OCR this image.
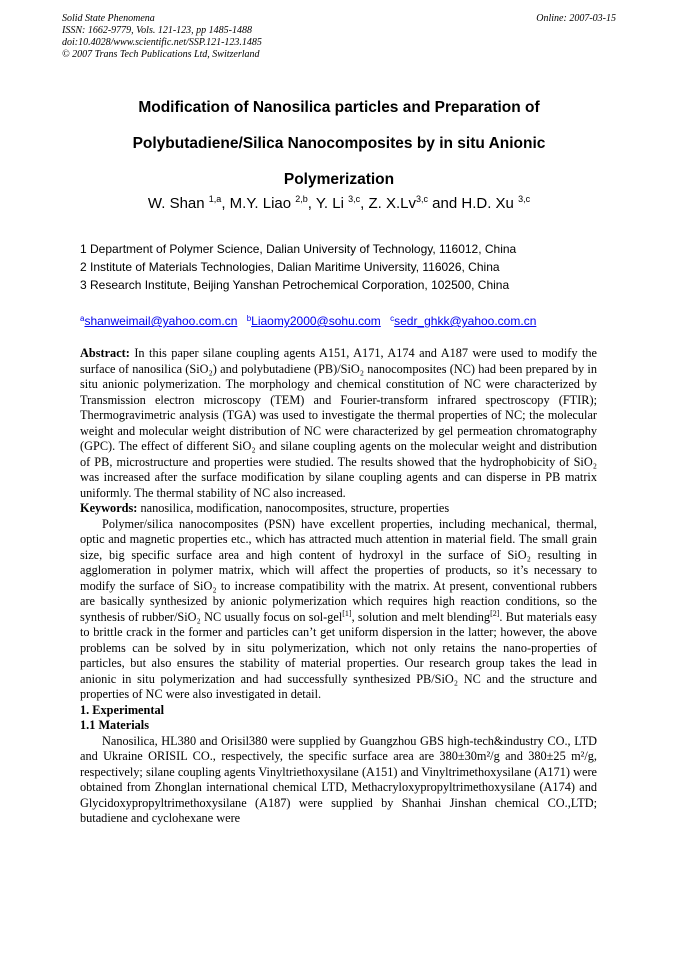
Solid State Phenomena
ISSN: 1662-9779, Vols. 121-123, pp 1485-1488
doi:10.4028/www.scientific.net/SSP.121-123.1485
© 2007 Trans Tech Publications Ltd, Switzerland
Online: 2007-03-15
Modification of Nanosilica particles and Preparation of
Polybutadiene/Silica Nanocomposites by in situ Anionic
Polymerization
W. Shan $^{1,a}$, M.Y. Liao $^{2,b}$, Y. Li $^{3,c}$, Z. X.Lv$^{3,c}$ and H.D. Xu $^{3,c}$
1 Department of Polymer Science, Dalian University of Technology, 116012, China
2 Institute of Materials Technologies, Dalian Maritime University, 116026, China
3 Research Institute, Beijing Yanshan Petrochemical Corporation, 102500, China
$^a$shanweimail@yahoo.com.cn $^b$Liaomy2000@sohu.com $^c$sedr_ghkk@yahoo.com.cn

Abstract: In this paper silane coupling agents A151, A171, A174 and A187 were used to modify the surface of nanosilica (SiO₂) and polybutadiene (PB)/SiO₂ nanocomposites (NC) had been prepared by in situ anionic polymerization. The morphology and chemical constitution of NC were characterized by Transmission electron microscopy (TEM) and Fourier-transform infrared spectroscopy (FTIR); Thermogravimetric analysis (TGA) was used to investigate the thermal properties of NC; the molecular weight and molecular weight distribution of NC were characterized by gel permeation chromatography (GPC). The effect of different SiO₂ and silane coupling agents on the molecular weight and distribution of PB, microstructure and properties were studied. The results showed that the hydrophobicity of SiO₂ was increased after the surface modification by silane coupling agents and can disperse in PB matrix uniformly. The thermal stability of NC also increased.

Keywords: nanosilica, modification, nanocomposites, structure, properties

Polymer/silica nanocomposites (PSN) have excellent properties, including mechanical, thermal, optic and magnetic properties etc., which has attracted much attention in material field. The small grain size, big specific surface area and high content of hydroxyl in the surface of SiO₂ resulting in agglomeration in polymer matrix, which will affect the properties of products, so it’s necessary to modify the surface of SiO₂ to increase compatibility with the matrix. At present, conventional rubbers are basically synthesized by anionic polymerization which requires high reaction conditions, so the synthesis of rubber/SiO₂ NC usually focus on sol-gel[1], solution and melt blending[2]. But materials easy to brittle crack in the former and particles can’t get uniform dispersion in the latter; however, the above problems can be solved by in situ polymerization, which not only retains the nano-properties of particles, but also ensures the stability of material properties. Our research group takes the lead in anionic in situ polymerization and had successfully synthesized PB/SiO₂ NC and the structure and properties of NC were also investigated in detail.

1. Experimental

1.1 Materials

Nanosilica, HL380 and Orisil380 were supplied by Guangzhou GBS high-tech&industry CO., LTD and Ukraine ORISIL CO., respectively, the specific surface area are 380±30m²/g and 380±25 m²/g, respectively; silane coupling agents Vinyltriethoxysilane (A151) and Vinyltrimethoxysilane (A171) were obtained from Zhonglan international chemical LTD, Methacryloxypropyltrimethoxysilane (A174) and Glycidoxypropyltrimethoxysilane (A187) were supplied by Shanhai Jinshan chemical CO.,LTD; butadiene and cyclohexane were
